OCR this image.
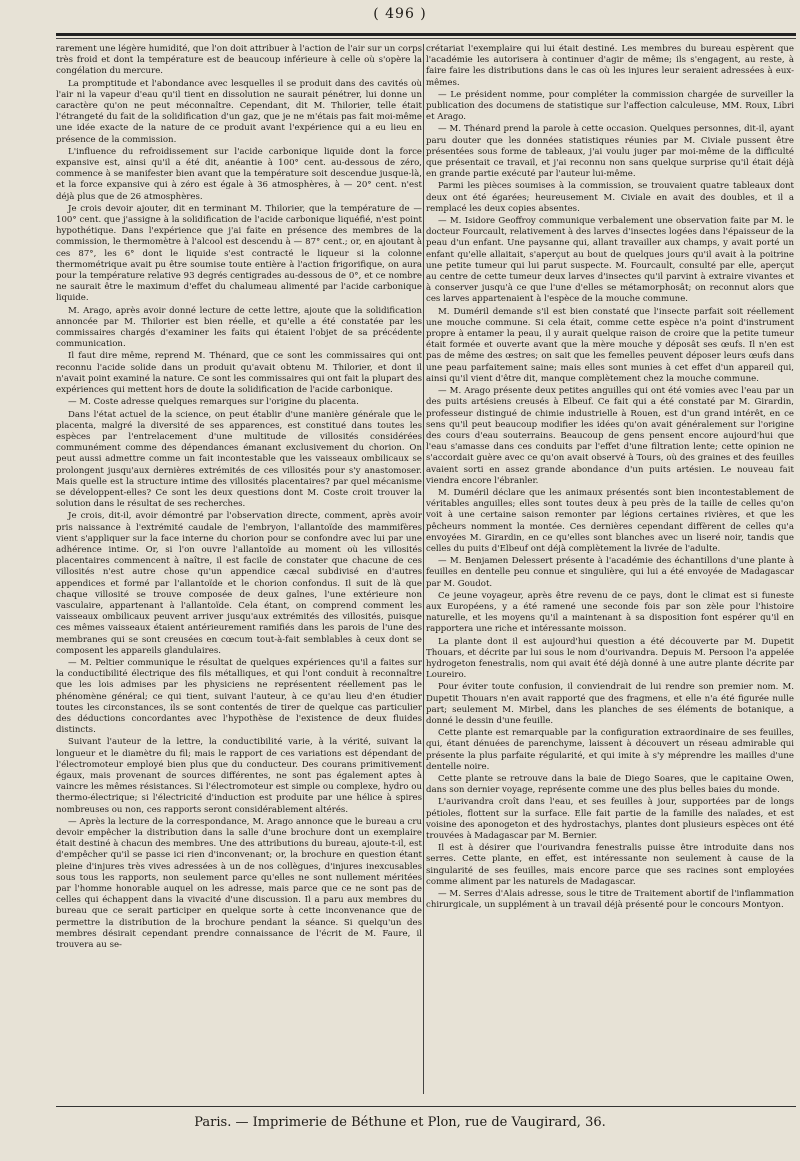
( 496 )

rarement une légère humidité, que l'on doit attribuer à l'action de l'air sur un corps très froid et dont la température est de beaucoup inférieure à celle où s'opère la congélation du mercure.

La promptitude et l'abondance avec lesquelles il se produit dans des cavités où l'air ni la vapeur d'eau qu'il tient en dissolution ne saurait pénétrer, lui donne un caractère qu'on ne peut méconnaître. Cependant, dit M. Thilorier, telle était l'étrangeté du fait de la solidification d'un gaz, que je ne m'étais pas fait moi-même une idée exacte de la nature de ce produit avant l'expérience qui a eu lieu en présence de la commission.

L'influence du refroidissement sur l'acide carbonique liquide dont la force expansive est, ainsi qu'il a été dit, anéantie à 100° cent. au-dessous de zéro, commence à se manifester bien avant que la température soit descendue jusque-là, et la force expansive qui à zéro est égale à 36 atmosphères, à — 20° cent. n'est déjà plus que de 26 atmosphères.

Je crois devoir ajouter, dit en terminant M. Thilorier, que la température de — 100° cent. que j'assigne à la solidification de l'acide carbonique liquéfié, n'est point hypothétique. Dans l'expérience que j'ai faite en présence des membres de la commission, le thermomètre à l'alcool est descendu à — 87° cent.; or, en ajoutant à ces 87°, les 6° dont le liquide s'est contracté le liqueur si la colonne thermométrique avait pu être soumise toute entière à l'action frigorifique, on aura pour la température relative 93 degrés centigrades au-dessous de 0°, et ce nombre ne saurait être le maximum d'effet du chalumeau alimenté par l'acide carbonique liquide.

M. Arago, après avoir donné lecture de cette lettre, ajoute que la solidification annoncée par M. Thilorier est bien réelle, et qu'elle a été constatée par les commissaires chargés d'examiner les faits qui étaient l'objet de sa précédente communication.

Il faut dire même, reprend M. Thénard, que ce sont les commissaires qui ont reconnu l'acide solide dans un produit qu'avait obtenu M. Thilorier, et dont il n'avait point examiné la nature. Ce sont les commissaires qui ont fait la plupart des expériences qui mettent hors de doute la solidification de l'acide carbonique.

— M. Coste adresse quelques remarques sur l'origine du placenta.

Dans l'état actuel de la science, on peut établir d'une manière générale que le placenta, malgré la diversité de ses apparences, est constitué dans toutes les espèces par l'entrelacement d'une multitude de villosités considérées communément comme des dépendances émanant exclusivement du chorion. On peut aussi admettre comme un fait incontestable que les vaisseaux ombilicaux se prolongent jusqu'aux dernières extrémités de ces villosités pour s'y anastomoser. Mais quelle est la structure intime des villosités placentaires? par quel mécanisme se développent-elles? Ce sont les deux questions dont M. Coste croit trouver la solution dans le résultat de ses recherches.

Je crois, dit-il, avoir démontré par l'observation directe, comment, après avoir pris naissance à l'extrémité caudale de l'embryon, l'allantoïde des mammifères vient s'appliquer sur la face interne du chorion pour se confondre avec lui par une adhérence intime. Or, si l'on ouvre l'allantoïde au moment où les villosités placentaires commencent à naître, il est facile de constater que chacune de ces villosités n'est autre chose qu'un appendice cæcal subdivisé en d'autres appendices et formé par l'allantoïde et le chorion confondus. Il suit de là que chaque villosité se trouve composée de deux gaînes, l'une extérieure non vasculaire, appartenant à l'allantoïde. Cela étant, on comprend comment les vaisseaux ombilicaux peuvent arriver jusqu'aux extrémités des villosités, puisque ces mêmes vaisseaux étaient antérieurement ramifiés dans les parois de l'une des membranes qui se sont creusées en cœcum tout-à-fait semblables à ceux dont se composent les appareils glandulaires.

— M. Peltier communique le résultat de quelques expériences qu'il a faites sur la conductibilité électrique des fils métalliques, et qui l'ont conduit à reconnaître que les lois admises par les physiciens ne représentent réellement pas le phénomène général; ce qui tient, suivant l'auteur, à ce qu'au lieu d'en étudier toutes les circonstances, ils se sont contentés de tirer de quelque cas particulier des déductions concordantes avec l'hypothèse de l'existence de deux fluides distincts.

Suivant l'auteur de la lettre, la conductibilité varie, à la vérité, suivant la longueur et le diamètre du fil; mais le rapport de ces variations est dépendant de l'électromoteur employé bien plus que du conducteur. Des courans primitivement égaux, mais provenant de sources différentes, ne sont pas également aptes à vaincre les mêmes résistances. Si l'électromoteur est simple ou complexe, hydro ou thermo-électrique; si l'électricité d'induction est produite par une hélice à spires nombreuses ou non, ces rapports seront considérablement altérés.

— Après la lecture de la correspondance, M. Arago annonce que le bureau a cru devoir empêcher la distribution dans la salle d'une brochure dont un exemplaire était destiné à chacun des membres. Une des attributions du bureau, ajoute-t-il, est d'empêcher qu'il se passe ici rien d'inconvenant; or, la brochure en question étant pleine d'injures très vives adressées à un de nos collègues, d'injures inexcusables sous tous les rapports, non seulement parce qu'elles ne sont nullement méritées par l'homme honorable auquel on les adresse, mais parce que ce ne sont pas de celles qui échappent dans la vivacité d'une discussion. Il a paru aux membres du bureau que ce serait participer en quelque sorte à cette inconvenance que de permettre la distribution de la brochure pendant la séance. Si quelqu'un des membres désirait cependant prendre connaissance de l'écrit de M. Faure, il trouvera au se-

crétariat l'exemplaire qui lui était destiné. Les membres du bureau espèrent que l'académie les autorisera à continuer d'agir de même; ils s'engagent, au reste, à faire faire les distributions dans le cas où les injures leur seraient adressées à eux-mêmes.

— Le président nomme, pour compléter la commission chargée de surveiller la publication des documens de statistique sur l'affection calculeuse, MM. Roux, Libri et Arago.

— M. Thénard prend la parole à cette occasion. Quelques personnes, dit-il, ayant paru douter que les données statistiques réunies par M. Civiale pussent être présentées sous forme de tableaux, j'ai voulu juger par moi-même de la difficulté que présentait ce travail, et j'ai reconnu non sans quelque surprise qu'il était déjà en grande partie exécuté par l'auteur lui-même.

Parmi les pièces soumises à la commission, se trouvaient quatre tableaux dont deux ont été égarées; heureusement M. Civiale en avait des doubles, et il a remplacé les deux copies absentes.

— M. Isidore Geoffroy communique verbalement une observation faite par M. le docteur Fourcault, relativement à des larves d'insectes logées dans l'épaisseur de la peau d'un enfant. Une paysanne qui, allant travailler aux champs, y avait porté un enfant qu'elle allaitait, s'aperçut au bout de quelques jours qu'il avait à la poitrine une petite tumeur qui lui parut suspecte. M. Fourcault, consulté par elle, aperçut au centre de cette tumeur deux larves d'insectes qu'il parvint à extraire vivantes et à conserver jusqu'à ce que l'une d'elles se métamorphosât; on reconnut alors que ces larves appartenaient à l'espèce de la mouche commune.

M. Duméril demande s'il est bien constaté que l'insecte parfait soit réellement une mouche commune. Si cela était, comme cette espèce n'a point d'instrument propre à entamer la peau, il y aurait quelque raison de croire que la petite tumeur était formée et ouverte avant que la mère mouche y déposât ses œufs. Il n'en est pas de même des œstres; on sait que les femelles peuvent déposer leurs œufs dans une peau parfaitement saine; mais elles sont munies à cet effet d'un appareil qui, ainsi qu'il vient d'être dit, manque complètement chez la mouche commune.

— M. Arago présente deux petites anguilles qui ont été vomies avec l'eau par un des puits artésiens creusés à Elbeuf. Ce fait qui a été constaté par M. Girardin, professeur distingué de chimie industrielle à Rouen, est d'un grand intérêt, en ce sens qu'il peut beaucoup modifier les idées qu'on avait généralement sur l'origine des cours d'eau souterrains. Beaucoup de gens pensent encore aujourd'hui que l'eau s'amasse dans ces conduits par l'effet d'une filtration lente; cette opinion ne s'accordait guère avec ce qu'on avait observé à Tours, où des graines et des feuilles avaient sorti en assez grande abondance d'un puits artésien. Le nouveau fait viendra encore l'ébranler.

M. Duméril déclare que les animaux présentés sont bien incontestablement de véritables anguilles; elles sont toutes deux à peu près de la taille de celles qu'on voit à une certaine saison remonter par légions certaines rivières, et que les pêcheurs nomment la montée. Ces dernières cependant diffèrent de celles qu'a envoyées M. Girardin, en ce qu'elles sont blanches avec un liseré noir, tandis que celles du puits d'Elbeuf ont déjà complètement la livrée de l'adulte.

— M. Benjamen Delessert présente à l'académie des échantillons d'une plante à feuilles en dentelle peu connue et singulière, qui lui a été envoyée de Madagascar par M. Goudot.

Ce jeune voyageur, après être revenu de ce pays, dont le climat est si funeste aux Européens, y a été ramené une seconde fois par son zèle pour l'histoire naturelle, et les moyens qu'il a maintenant à sa disposition font espérer qu'il en rapportera une riche et intéressante moisson.

La plante dont il est aujourd'hui question a été découverte par M. Dupetit Thouars, et décrite par lui sous le nom d'ourivandra. Depuis M. Persoon l'a appelée hydrogeton fenestralis, nom qui avait été déjà donné à une autre plante décrite par Loureiro.

Pour éviter toute confusion, il conviendrait de lui rendre son premier nom. M. Dupetit Thouars n'en avait rapporté que des fragmens, et elle n'a été figurée nulle part; seulement M. Mirbel, dans les planches de ses éléments de botanique, a donné le dessin d'une feuille.

Cette plante est remarquable par la configuration extraordinaire de ses feuilles, qui, étant dénuées de parenchyme, laissent à découvert un réseau admirable qui présente la plus parfaite régularité, et qui imite à s'y méprendre les mailles d'une dentelle noire.

Cette plante se retrouve dans la baie de Diego Soares, que le capitaine Owen, dans son dernier voyage, représente comme une des plus belles baies du monde.

L'aurivandra croît dans l'eau, et ses feuilles à jour, supportées par de longs pétioles, flottent sur la surface. Elle fait partie de la famille des naïades, et est voisine des aponogeton et des hydrostachys, plantes dont plusieurs espèces ont été trouvées à Madagascar par M. Bernier.

Il est à désirer que l'ourivandra fenestralis puisse être introduite dans nos serres. Cette plante, en effet, est intéressante non seulement à cause de la singularité de ses feuilles, mais encore parce que ses racines sont employées comme aliment par les naturels de Madagascar.

— M. Serres d'Alais adresse, sous le titre de Traitement abortif de l'inflammation chirurgicale, un supplément à un travail déjà présenté pour le concours Montyon.

Paris. — Imprimerie de Béthune et Plon, rue de Vaugirard, 36.
